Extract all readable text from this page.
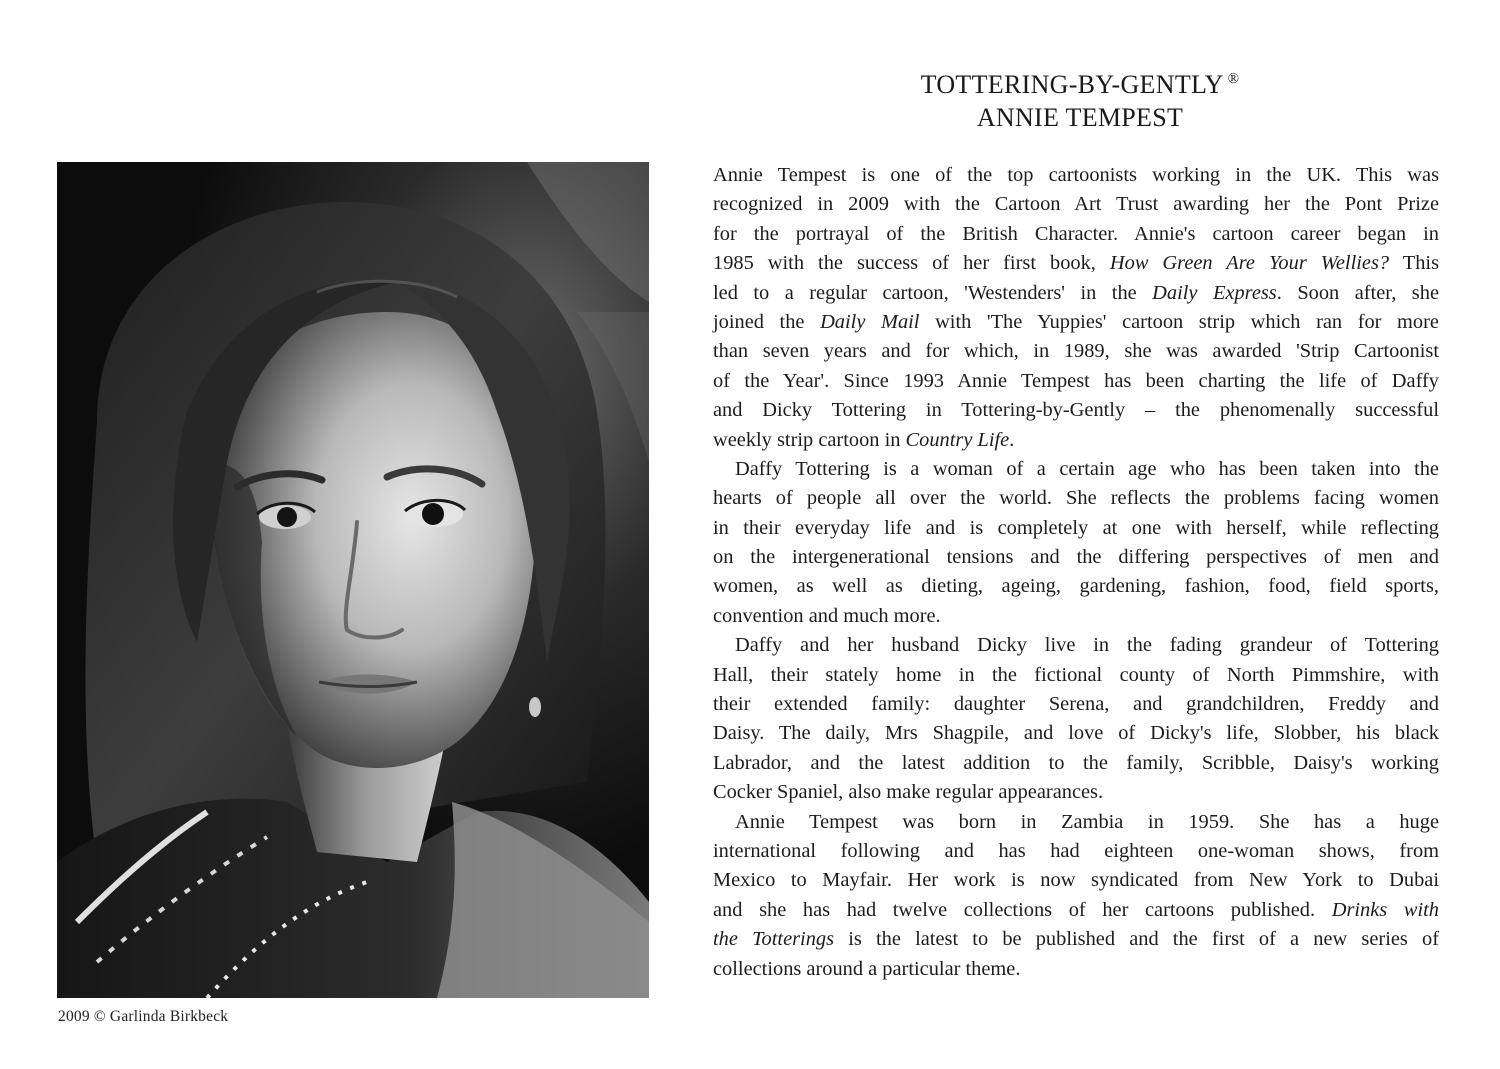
TOTTERING-BY-GENTLY ®
ANNIE TEMPEST
2009 © Garlinda Birkbeck
Annie Tempest is one of the top cartoonists working in the UK. This was
recognized in 2009 with the Cartoon Art Trust awarding her the Pont Prize
for the portrayal of the British Character. Annie's cartoon career began in
1985 with the success of her first book, How Green Are Your Wellies? This
led to a regular cartoon, 'Westenders' in the Daily Express. Soon after, she
joined the Daily Mail with 'The Yuppies' cartoon strip which ran for more
than seven years and for which, in 1989, she was awarded 'Strip Cartoonist
of the Year'. Since 1993 Annie Tempest has been charting the life of Daffy
and Dicky Tottering in Tottering-by-Gently – the phenomenally successful
weekly strip cartoon in Country Life.
Daffy Tottering is a woman of a certain age who has been taken into the
hearts of people all over the world. She reflects the problems facing women
in their everyday life and is completely at one with herself, while reflecting
on the intergenerational tensions and the differing perspectives of men and
women, as well as dieting, ageing, gardening, fashion, food, field sports,
convention and much more.
Daffy and her husband Dicky live in the fading grandeur of Tottering
Hall, their stately home in the fictional county of North Pimmshire, with
their extended family: daughter Serena, and grandchildren, Freddy and
Daisy. The daily, Mrs Shagpile, and love of Dicky's life, Slobber, his black
Labrador, and the latest addition to the family, Scribble, Daisy's working
Cocker Spaniel, also make regular appearances.
Annie Tempest was born in Zambia in 1959. She has a huge
international following and has had eighteen one-woman shows, from
Mexico to Mayfair. Her work is now syndicated from New York to Dubai
and she has had twelve collections of her cartoons published. Drinks with
the Totterings is the latest to be published and the first of a new series of
collections around a particular theme.
